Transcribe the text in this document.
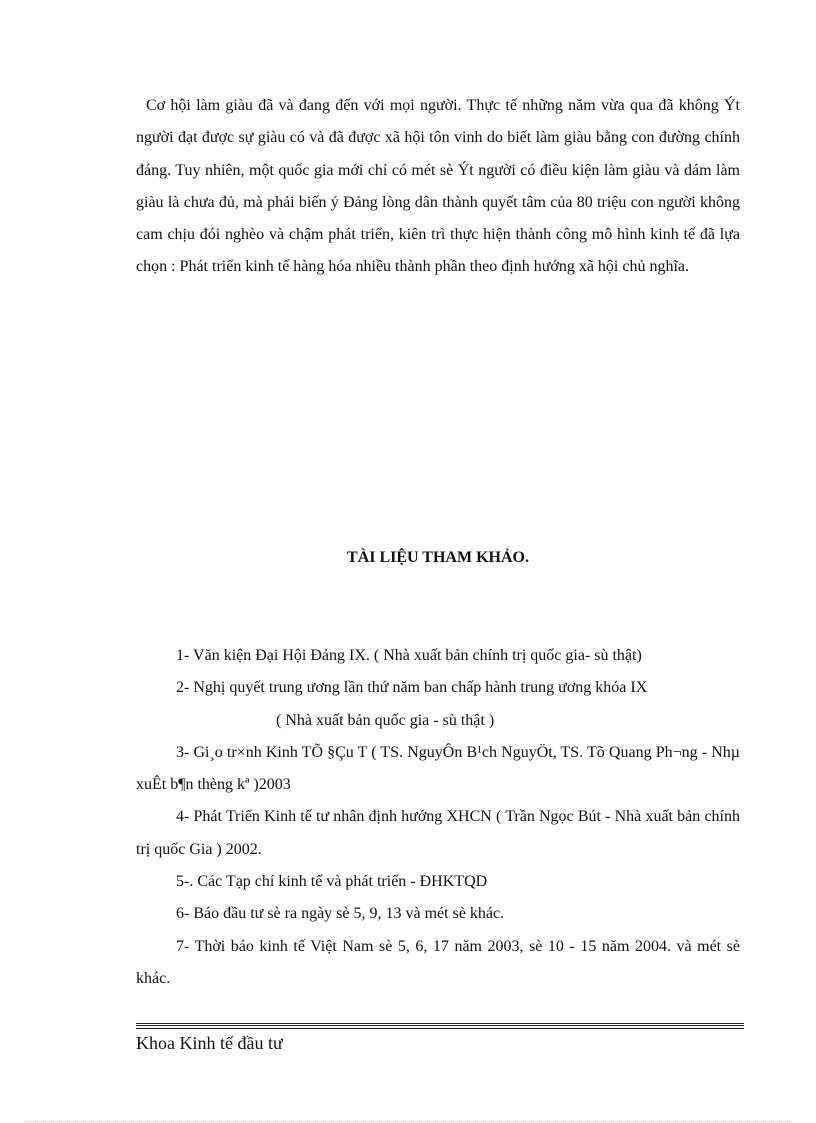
Cơ hội làm giàu đã và đang đến với mọi người. Thực tế những năm vừa qua đã không Ýt người đạt được sự giàu có và đã được xã hội tôn vinh do biết làm giàu bằng con đường chính đáng. Tuy nhiên, một quốc gia mới chỉ có mét sè Ýt người có điều kiện làm giàu và dám làm giàu là chưa đủ, mà phải biến ý Đảng lòng dân thành quyết tâm của 80 triệu con người không cam chịu đói nghèo và chậm phát triển, kiên trì thực hiện thành công mô hình kinh tế đã lựa chọn : Phát triển kinh tế hàng hóa nhiều thành phần theo định hướng xã hội chủ nghĩa.

TÀI LIỆU THAM KHẢO.

1- Văn kiện Đại Hội Đảng IX. ( Nhà xuất bản chính trị quốc gia- sù thật)

2- Nghị quyết trung ương lần thứ năm ban chấp hành trung ương khóa IX

( Nhà xuất bản quốc gia - sù thật )

3- Gi¸o tr×nh Kinh TÕ §Çu T ( TS. NguyÔn B¹ch NguyÖt, TS. Tõ Quang Ph¬ng - Nhµ xuÊt b¶n thèng kª )2003

4- Phát Triển Kinh tế tư nhân định hướng XHCN ( Trần Ngọc Bút - Nhà xuất bản chính trị quốc Gia ) 2002.

5-. Các Tạp chí kinh tế và phát triển - ĐHKTQD

6- Báo đầu tư sè ra ngày sè 5, 9, 13 và mét sè khác.

7- Thời báo kinh tế Việt Nam sè 5, 6, 17 năm 2003, sè 10 - 15 năm 2004. và mét sè khác.

Khoa Kinh tế đầu tư
